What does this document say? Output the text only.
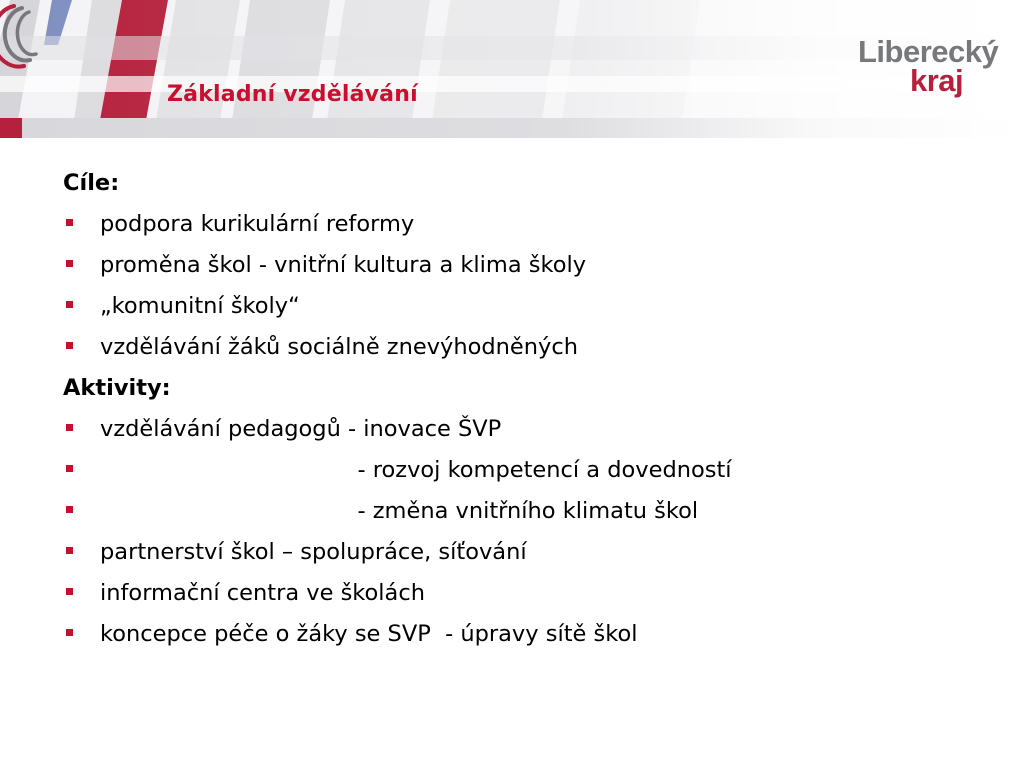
Základní vzdělávání
Liberecký
kraj
Cíle:
podpora kurikulární reformy
proměna škol - vnitřní kultura a klima školy
„komunitní školy“
vzdělávání žáků sociálně znevýhodněných
Aktivity:
vzdělávání pedagogů - inovace ŠVP
- rozvoj kompetencí a dovedností
- změna vnitřního klimatu škol
partnerství škol – spolupráce, síťování
informační centra ve školách
koncepce péče o žáky se SVP  - úpravy sítě škol
